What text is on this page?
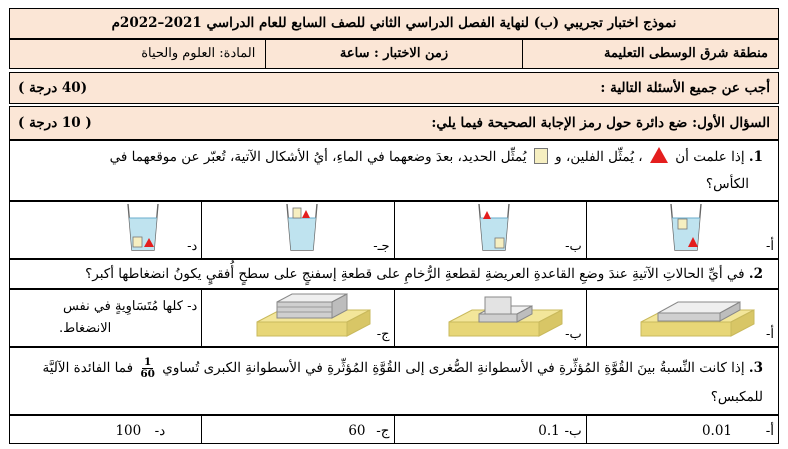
نموذج اختبار تجريبي (ب) لنهاية الفصل الدراسي الثاني للصف السابع للعام الدراسي 2021–2022م
منطقة شرق الوسطى التعليمة
زمن الاختبار : ساعة
المادة: العلوم والحياة
أجب عن جميع الأسئلة التالية :
(40 درجة )
السؤال الأول: ضع دائرة حول رمز الإجابة الصحيحة فيما يلي:
( 10 درجة )
1. إذا علمت أن  ، يُمثِّل الفلين، و  يُمثِّل الحديد، بعدَ وضعهما في الماءِ، أيُ الأشكال الآتية، تُعبّر عن موقعهما في
الكأس؟
أ-
ب-
جـ-
د-
2. في أيِّ الحالاتِ الآتيةِ عندَ وضعِ القاعدةِ العريضةِ لقطعةِ الرُّخامِ على قطعةِ إسفنجٍ على سطحٍ أُفقيٍ يكونُ انضغاطها أكبر؟
أ-
ب-
ج-
د- كلها مُتَسَاوِيةٍ في نفس
الانضغاط.
3. إذا كانت النِّسبةُ بينَ القُوَّةِ المُؤثِّرةِ في الأسطوانةِ الصُّغرى إلى القُوَّةِ المُؤثِّرةِ في الأسطوانةِ الكبرى تُساوي
$\frac{1}{60}$
فما الفائدة الآليَّة
للمكبس؟
أ-
0.01
ب-
0.1
ج-
60
د-
100
